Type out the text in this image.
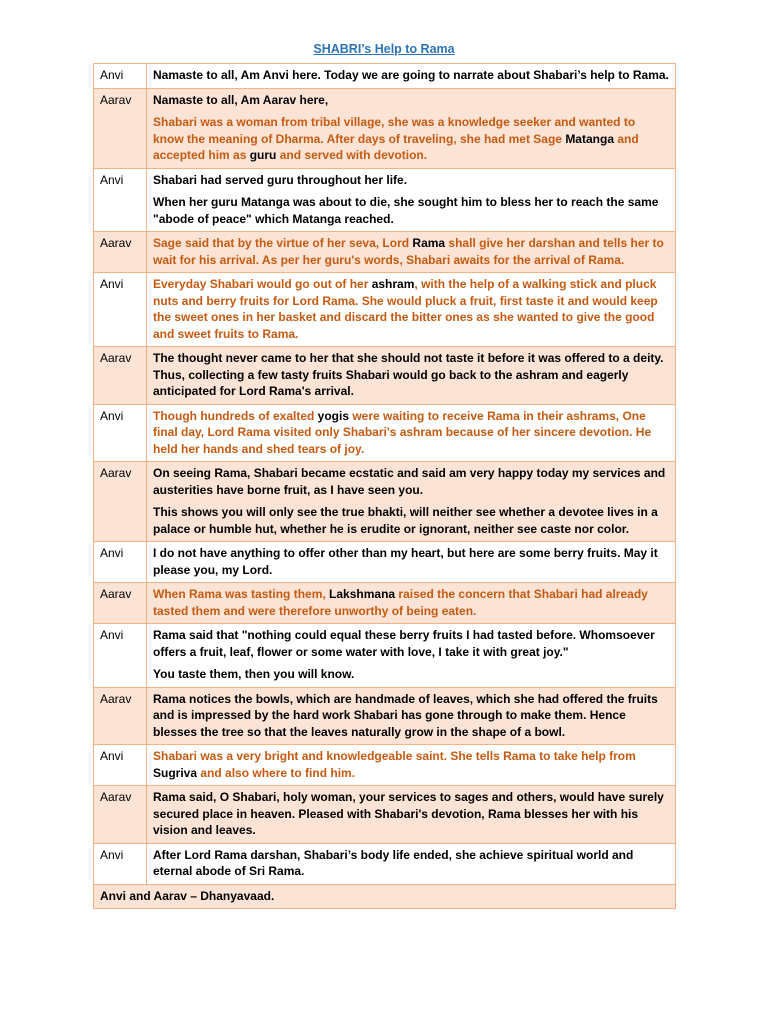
SHABRI’s Help to Rama
Anvi	Namaste to all, Am Anvi here. Today we are going to narrate about Shabari’s help to Rama.

Aarav	Namaste to all, Am Aarav here,

Shabari was a woman from tribal village, she was a knowledge seeker and wanted to know the meaning of Dharma. After days of traveling, she had met Sage Matanga and accepted him as guru and served with devotion.

Anvi	Shabari had served guru throughout her life.

When her guru Matanga was about to die, she sought him to bless her to reach the same "abode of peace" which Matanga reached.

Aarav	Sage said that by the virtue of her seva, Lord Rama shall give her darshan and tells her to wait for his arrival. As per her guru's words, Shabari awaits for the arrival of Rama.

Anvi	Everyday Shabari would go out of her ashram, with the help of a walking stick and pluck nuts and berry fruits for Lord Rama. She would pluck a fruit, first taste it and would keep the sweet ones in her basket and discard the bitter ones as she wanted to give the good and sweet fruits to Rama.

Aarav	The thought never came to her that she should not taste it before it was offered to a deity. Thus, collecting a few tasty fruits Shabari would go back to the ashram and eagerly anticipated for Lord Rama's arrival.

Anvi	Though hundreds of exalted yogis were waiting to receive Rama in their ashrams, One final day, Lord Rama visited only Shabari's ashram because of her sincere devotion. He held her hands and shed tears of joy.

Aarav	On seeing Rama, Shabari became ecstatic and said am very happy today my services and austerities have borne fruit, as I have seen you.

This shows you will only see the true bhakti, will neither see whether a devotee lives in a palace or humble hut, whether he is erudite or ignorant, neither see caste nor color.

Anvi	I do not have anything to offer other than my heart, but here are some berry fruits. May it please you, my Lord.

Aarav	When Rama was tasting them, Lakshmana raised the concern that Shabari had already tasted them and were therefore unworthy of being eaten.

Anvi	Rama said that "nothing could equal these berry fruits I had tasted before. Whomsoever offers a fruit, leaf, flower or some water with love, I take it with great joy."

You taste them, then you will know.

Aarav	Rama notices the bowls, which are handmade of leaves, which she had offered the fruits and is impressed by the hard work Shabari has gone through to make them. Hence blesses the tree so that the leaves naturally grow in the shape of a bowl.

Anvi	Shabari was a very bright and knowledgeable saint. She tells Rama to take help from Sugriva and also where to find him.

Aarav	Rama said, O Shabari, holy woman, your services to sages and others, would have surely secured place in heaven. Pleased with Shabari's devotion, Rama blesses her with his vision and leaves.

Anvi	After Lord Rama darshan, Shabari’s body life ended, she achieve spiritual world and eternal abode of Sri Rama.

Anvi and Aarav – Dhanyavaad.	
